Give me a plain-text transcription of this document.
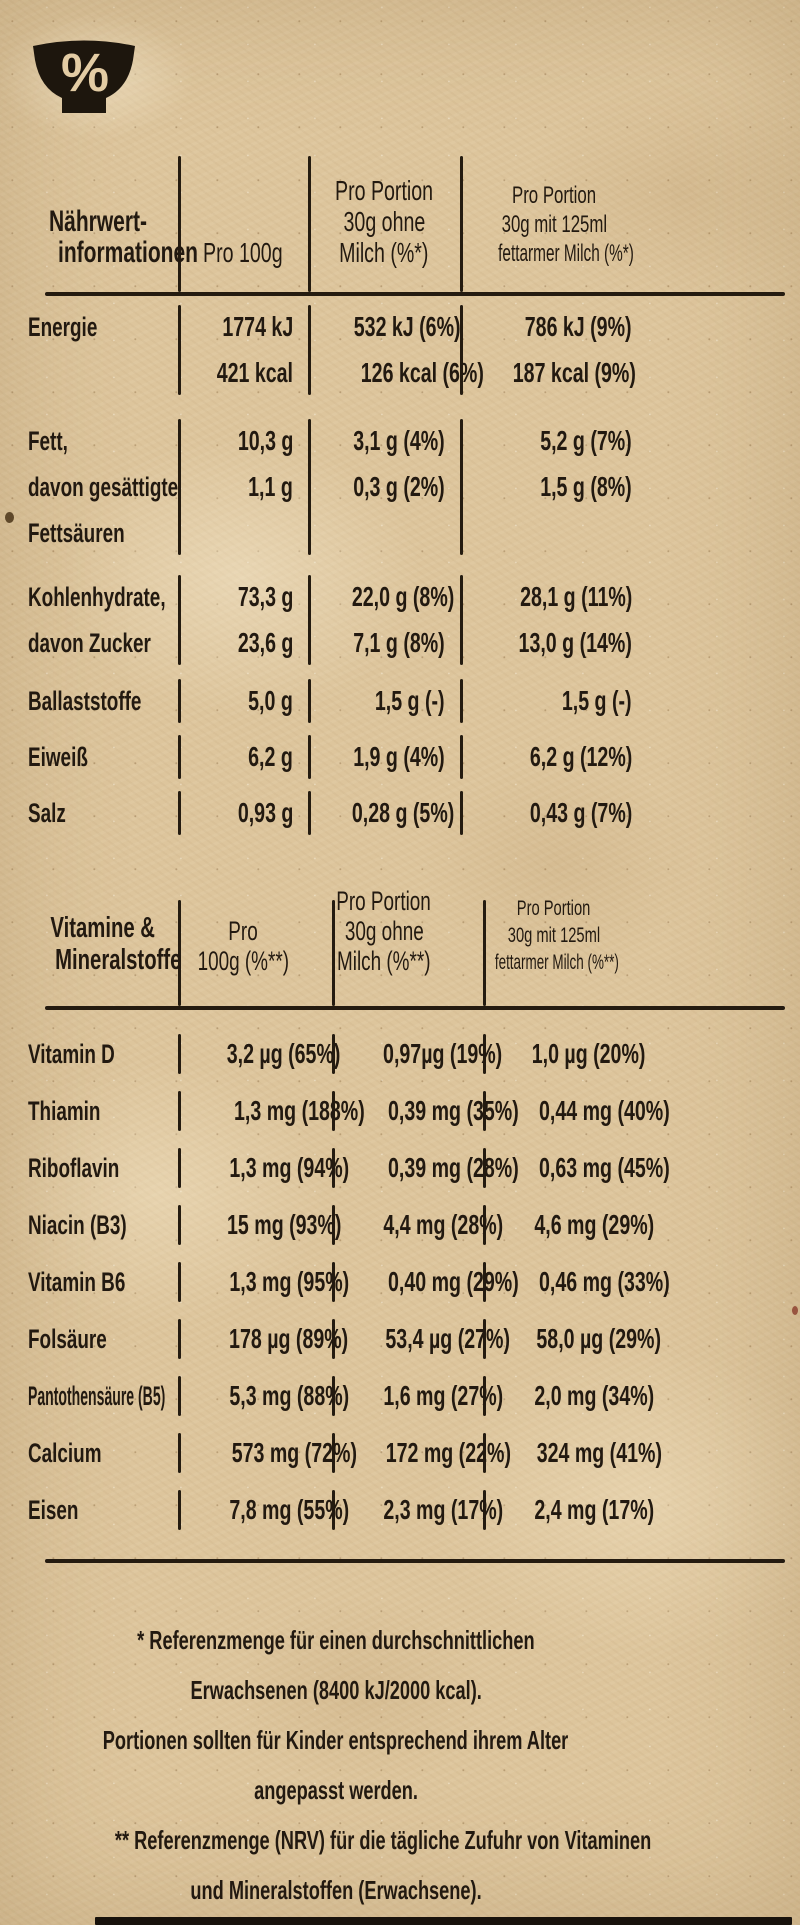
%
Nährwert-
informationen Pro 100g
Pro Portion
30g ohne
Milch (%*)
Pro Portion
30g mit 125ml
fettarmer Milch (%*)
Energie	1774 kJ	532 kJ (6%)	786 kJ (9%)
421 kcal	126 kcal (6%)	187 kcal (9%)
Fett,	10,3 g	3,1 g (4%)	5,2 g (7%)
davon gesättigte	1,1 g	0,3 g (2%)	1,5 g (8%)
Fettsäuren
Kohlenhydrate,	73,3 g	22,0 g (8%)	28,1 g (11%)
davon Zucker	23,6 g	7,1 g (8%)	13,0 g (14%)
Ballaststoffe	5,0 g	1,5 g (-)	1,5 g (-)
Eiweiß	6,2 g	1,9 g (4%)	6,2 g (12%)
Salz	0,93 g	0,28 g (5%)	0,43 g (7%)
Vitamine &
Mineralstoffe
Pro
100g (%**)
Pro Portion
30g ohne
Milch (%**)
Pro Portion
30g mit 125ml
fettarmer Milch (%**)
Vitamin D	3,2 µg (65%)	0,97µg (19%)	1,0 µg (20%)
Thiamin	1,3 mg (188%) 0,39 mg (35%) 0,44 mg (40%)
Riboflavin	1,3 mg (94%)	0,39 mg (28%) 0,63 mg (45%)
Niacin (B3)	15 mg (93%)	4,4 mg (28%)	4,6 mg (29%)
Vitamin B6	1,3 mg (95%)	0,40 mg (29%) 0,46 mg (33%)
Folsäure	178 µg (89%)	53,4 µg (27%) 58,0 µg (29%)
Pantothensäure (B5)	5,3 mg (88%)	1,6 mg (27%)	2,0 mg (34%)
Calcium	573 mg (72%)	172 mg (22%) 324 mg (41%)
Eisen	7,8 mg (55%)	2,3 mg (17%)	2,4 mg (17%)
* Referenzmenge für einen durchschnittlichen
Erwachsenen (8400 kJ/2000 kcal).
Portionen sollten für Kinder entsprechend ihrem Alter
angepasst werden.
** Referenzmenge (NRV) für die tägliche Zufuhr von Vitaminen
und Mineralstoffen (Erwachsene).
